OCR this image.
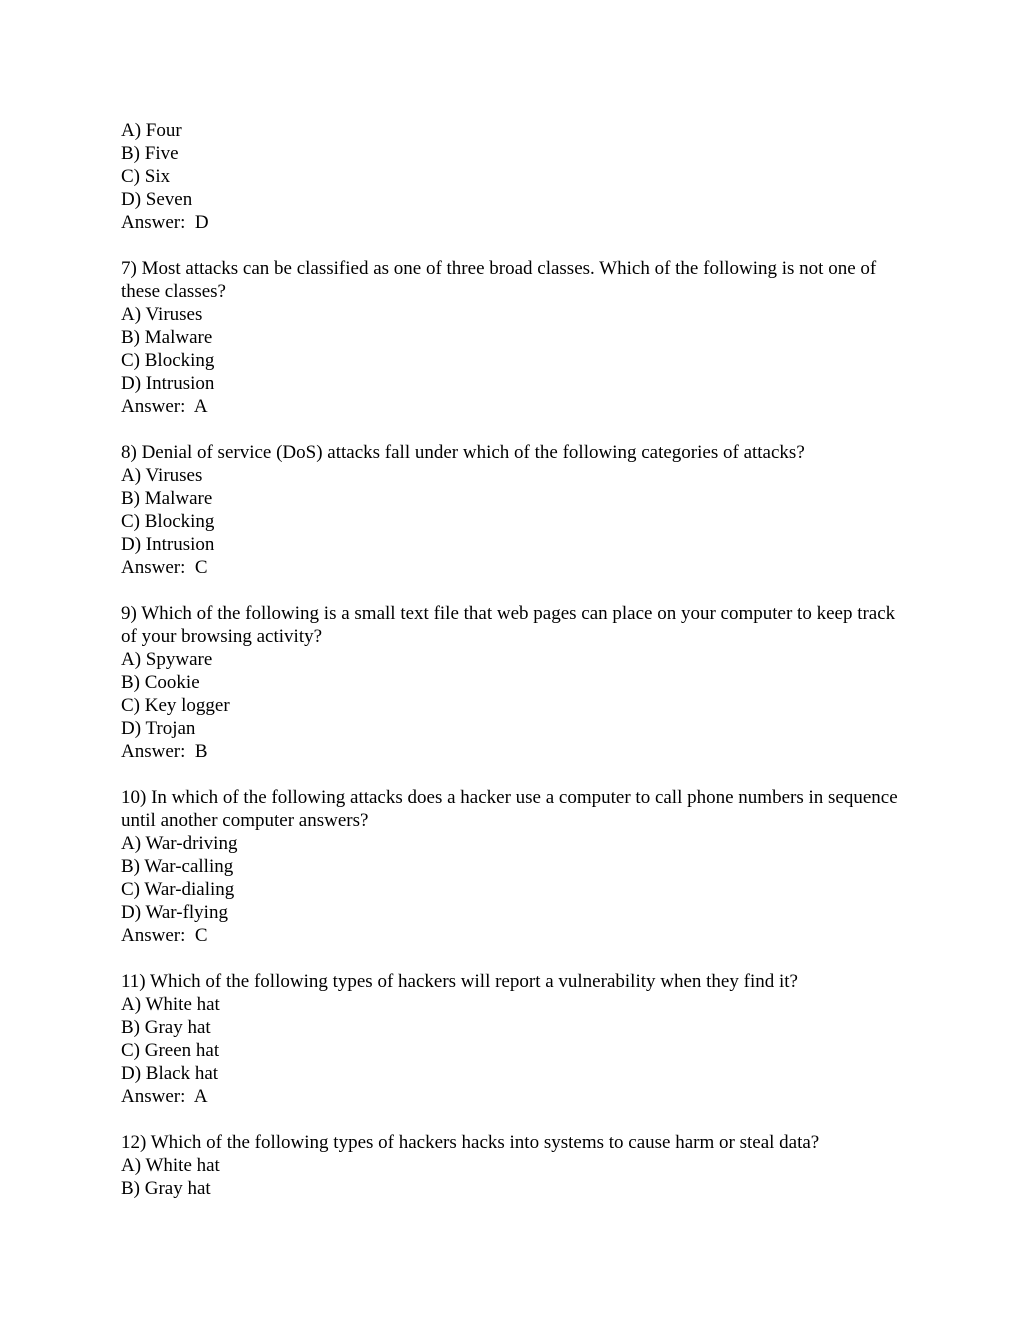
A) Four
B) Five
C) Six
D) Seven
Answer:  D
7) Most attacks can be classified as one of three broad classes. Which of the following is not one of these classes?
A) Viruses
B) Malware
C) Blocking
D) Intrusion
Answer:  A
8) Denial of service (DoS) attacks fall under which of the following categories of attacks?
A) Viruses
B) Malware
C) Blocking
D) Intrusion
Answer:  C
9) Which of the following is a small text file that web pages can place on your computer to keep track of your browsing activity?
A) Spyware
B) Cookie
C) Key logger
D) Trojan
Answer:  B
10) In which of the following attacks does a hacker use a computer to call phone numbers in sequence until another computer answers?
A) War-driving
B) War-calling
C) War-dialing
D) War-flying
Answer:  C
11) Which of the following types of hackers will report a vulnerability when they find it?
A) White hat
B) Gray hat
C) Green hat
D) Black hat
Answer:  A
12) Which of the following types of hackers hacks into systems to cause harm or steal data?
A) White hat
B) Gray hat
